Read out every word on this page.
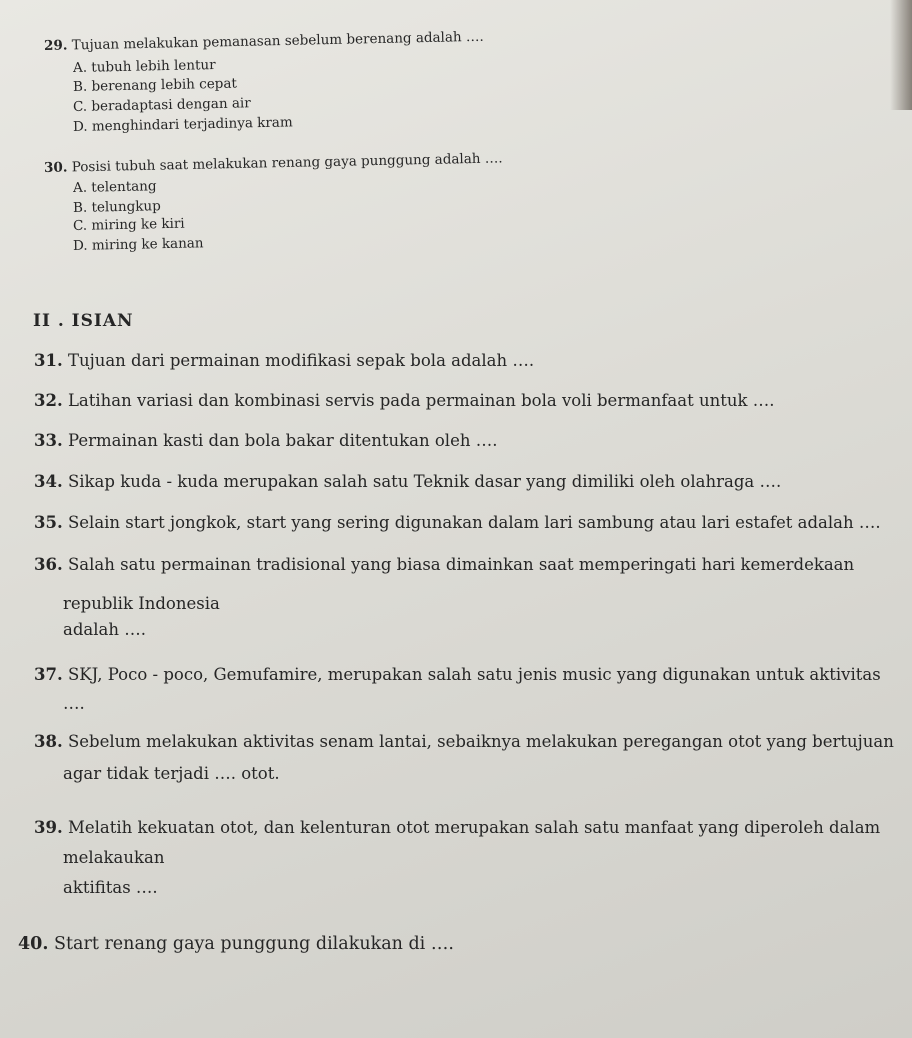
29. Tujuan melakukan pemanasan sebelum berenang adalah ….
A. tubuh lebih lentur
B. berenang lebih cepat
C. beradaptasi dengan air
D. menghindari terjadinya kram
30. Posisi tubuh saat melakukan renang gaya punggung adalah ….
A. telentang
B. telungkup
C. miring ke kiri
D. miring ke kanan
II . ISIAN
31. Tujuan dari permainan modifikasi sepak bola adalah ….
32. Latihan variasi dan kombinasi servis pada permainan bola voli bermanfaat untuk ….
33. Permainan kasti dan bola bakar ditentukan oleh ….
34. Sikap kuda - kuda merupakan salah satu Teknik dasar yang dimiliki oleh olahraga ….
35. Selain start jongkok, start yang sering digunakan dalam lari sambung atau lari estafet adalah ….
36. Salah satu permainan tradisional yang biasa dimainkan saat memperingati hari kemerdekaan
republik Indonesia
adalah ….
37. SKJ, Poco - poco, Gemufamire, merupakan salah satu jenis music yang digunakan untuk aktivitas
….
38. Sebelum melakukan aktivitas senam lantai, sebaiknya melakukan peregangan otot yang bertujuan
agar tidak terjadi …. otot.
39. Melatih kekuatan otot, dan kelenturan otot merupakan salah satu manfaat yang diperoleh dalam
melakaukan
aktifitas ….
40. Start renang gaya punggung dilakukan di ….
